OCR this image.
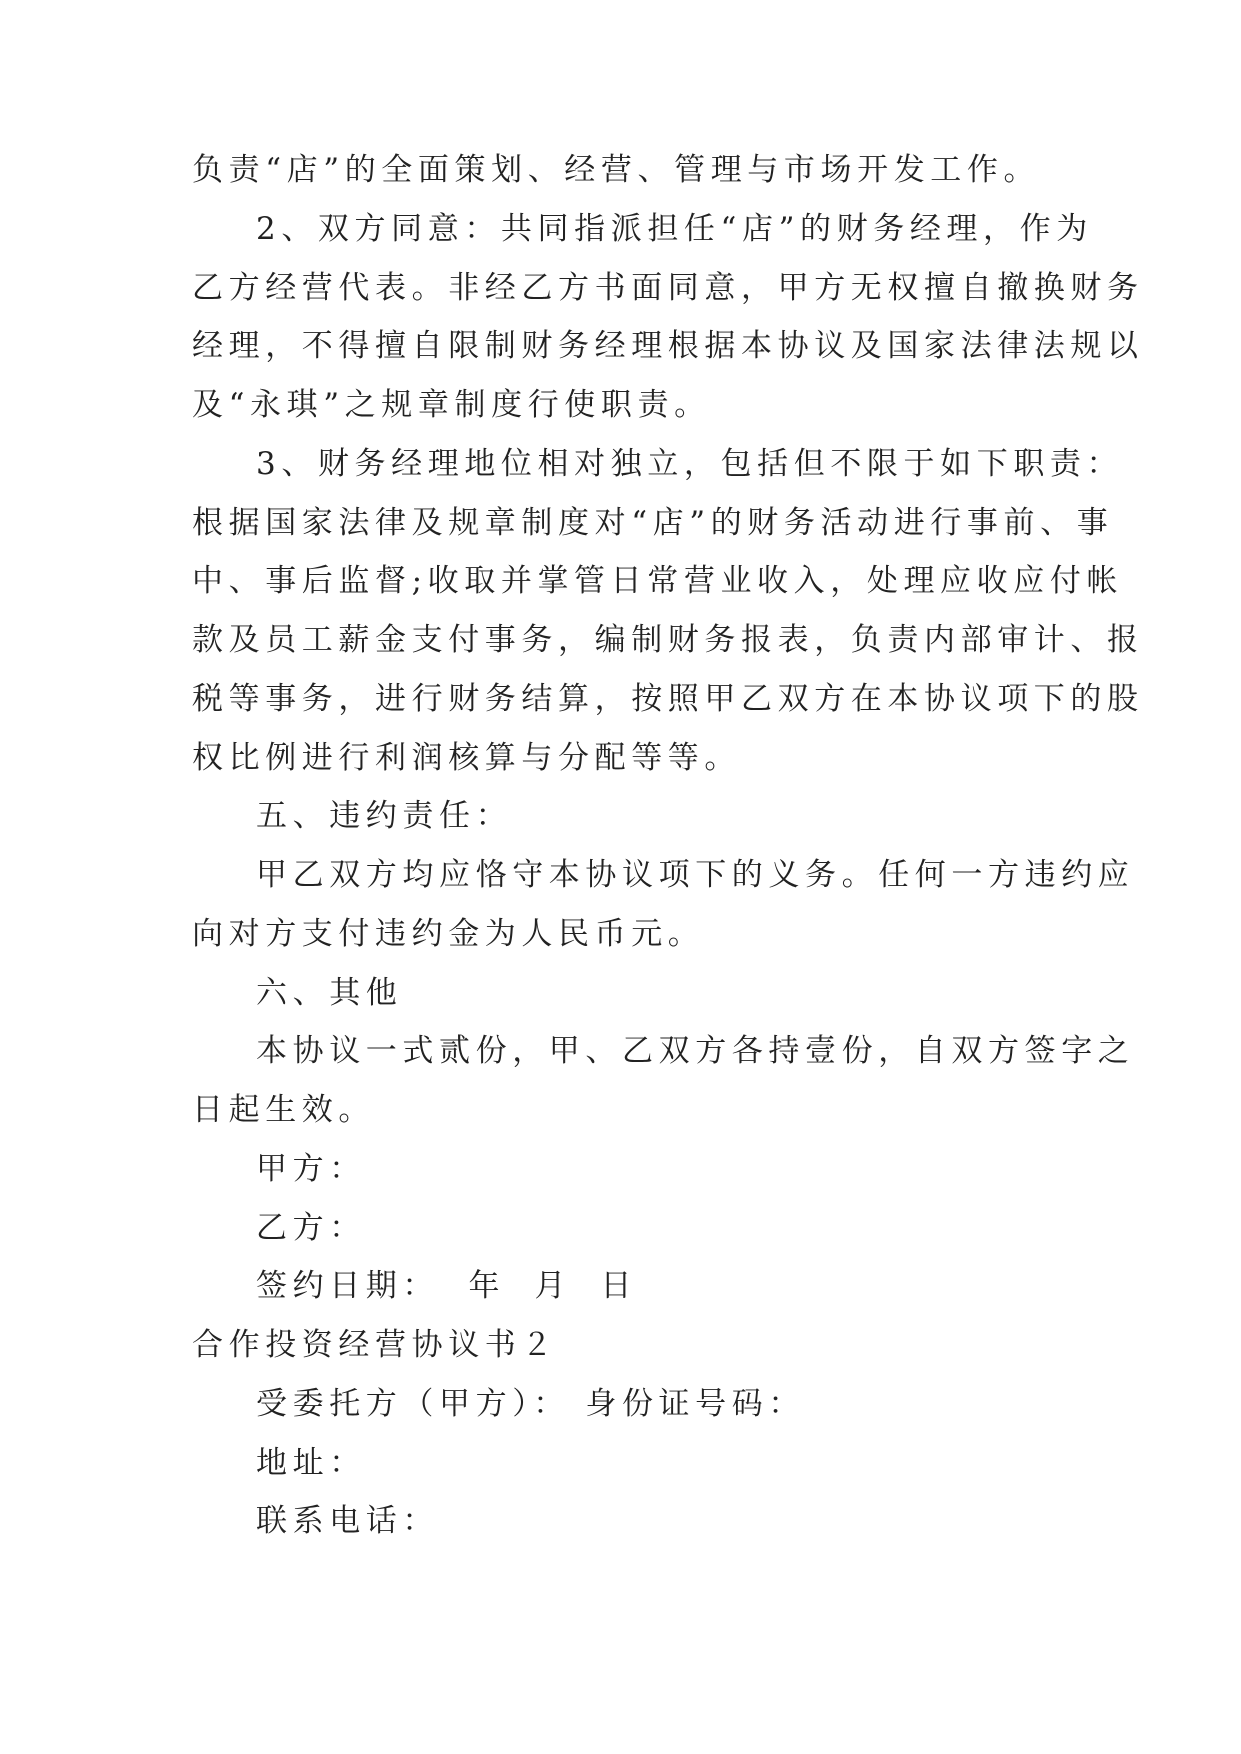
负责“店”的全面策划、经营、管理与市场开发工作。
2、双方同意：共同指派担任“店”的财务经理，作为
乙方经营代表。非经乙方书面同意，甲方无权擅自撤换财务
经理，不得擅自限制财务经理根据本协议及国家法律法规以
及“永琪”之规章制度行使职责。
3、财务经理地位相对独立，包括但不限于如下职责：
根据国家法律及规章制度对“店”的财务活动进行事前、事
中、事后监督;收取并掌管日常营业收入，处理应收应付帐
款及员工薪金支付事务，编制财务报表，负责内部审计、报
税等事务，进行财务结算，按照甲乙双方在本协议项下的股
权比例进行利润核算与分配等等。
五、违约责任：
甲乙双方均应恪守本协议项下的义务。任何一方违约应
向对方支付违约金为人民币元。
六、其他
本协议一式贰份，甲、乙双方各持壹份，自双方签字之
日起生效。
甲方：
乙方：
签约日期： 年 月 日
合作投资经营协议书２
受委托方（甲方）： 身份证号码：
地址：
联系电话：
